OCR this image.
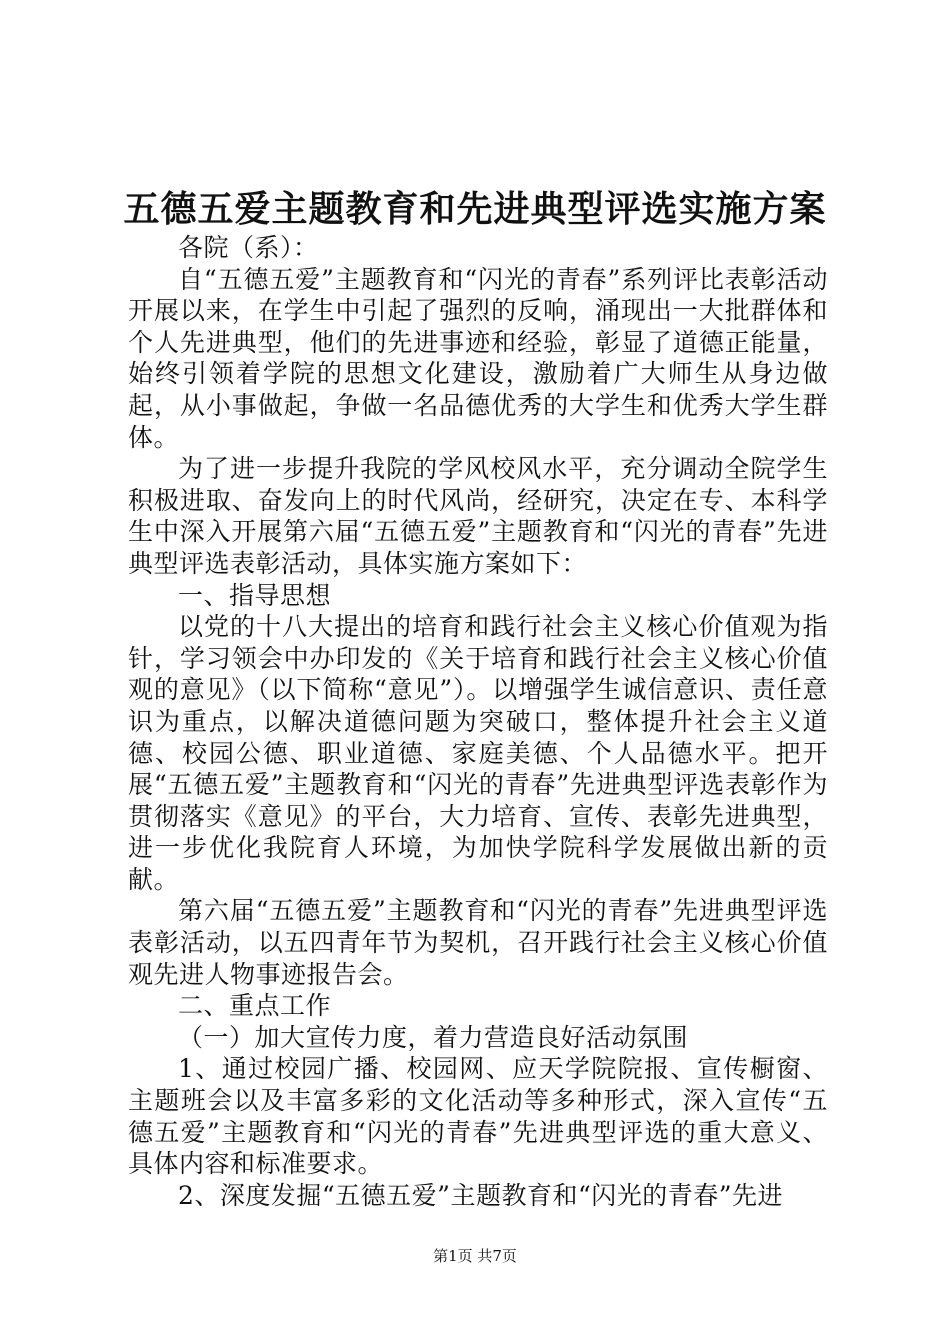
五德五爱主题教育和先进典型评选实施方案

各院（系）：

自“五德五爱”主题教育和“闪光的青春”系列评比表彰活动开展以来，在学生中引起了强烈的反响，涌现出一大批群体和个人先进典型，他们的先进事迹和经验，彰显了道德正能量，始终引领着学院的思想文化建设，激励着广大师生从身边做起，从小事做起，争做一名品德优秀的大学生和优秀大学生群体。

为了进一步提升我院的学风校风水平，充分调动全院学生积极进取、奋发向上的时代风尚，经研究，决定在专、本科学生中深入开展第六届“五德五爱”主题教育和“闪光的青春”先进典型评选表彰活动，具体实施方案如下：

一、指导思想

以党的十八大提出的培育和践行社会主义核心价值观为指针，学习领会中办印发的《关于培育和践行社会主义核心价值观的意见》（以下简称“意见”）。以增强学生诚信意识、责任意识为重点，以解决道德问题为突破口，整体提升社会主义道德、校园公德、职业道德、家庭美德、个人品德水平。把开展“五德五爱”主题教育和“闪光的青春”先进典型评选表彰作为贯彻落实《意见》的平台，大力培育、宣传、表彰先进典型，进一步优化我院育人环境，为加快学院科学发展做出新的贡献。

第六届“五德五爱”主题教育和“闪光的青春”先进典型评选表彰活动，以五四青年节为契机，召开践行社会主义核心价值观先进人物事迹报告会。

二、重点工作

（一）加大宣传力度，着力营造良好活动氛围

1、通过校园广播、校园网、应天学院院报、宣传橱窗、主题班会以及丰富多彩的文化活动等多种形式，深入宣传“五德五爱”主题教育和“闪光的青春”先进典型评选的重大意义、具体内容和标准要求。

2、深度发掘“五德五爱”主题教育和“闪光的青春”先进

第1页 共7页
